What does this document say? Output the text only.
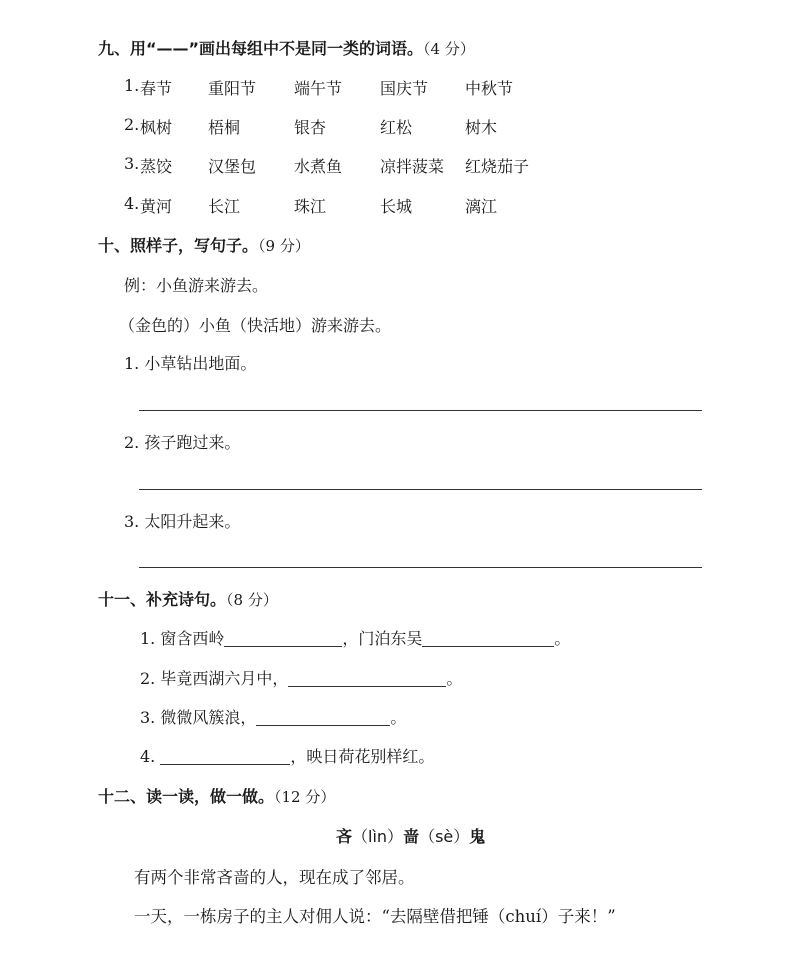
九、用“——”画出每组中不是同一类的词语。（4 分）
1. 春节 重阳节 端午节 国庆节 中秋节
2. 枫树 梧桐	银杏	红松	树木
3. 蒸饺 汉堡包 水煮鱼 凉拌菠菜 红烧茄子
4. 黄河 长江	珠江	长城	漓江
十、照样子，写句子。（9 分）
例：小鱼游来游去。
（金色的）小鱼（快活地）游来游去。
1. 小草钻出地面。
2. 孩子跑过来。
3. 太阳升起来。
十一、补充诗句。（8 分）
1. 窗含西岭	，门泊东吴	。
2. 毕竟西湖六月中，	。
3. 微微风簇浪，	。
4.	，映日荷花别样红。
十二、读一读，做一做。（12 分）
吝（lìn）啬（sè）鬼
有两个非常吝啬的人，现在成了邻居。
一天，一栋房子的主人对佣人说：“去隔壁借把锤（chuí）子来！”
